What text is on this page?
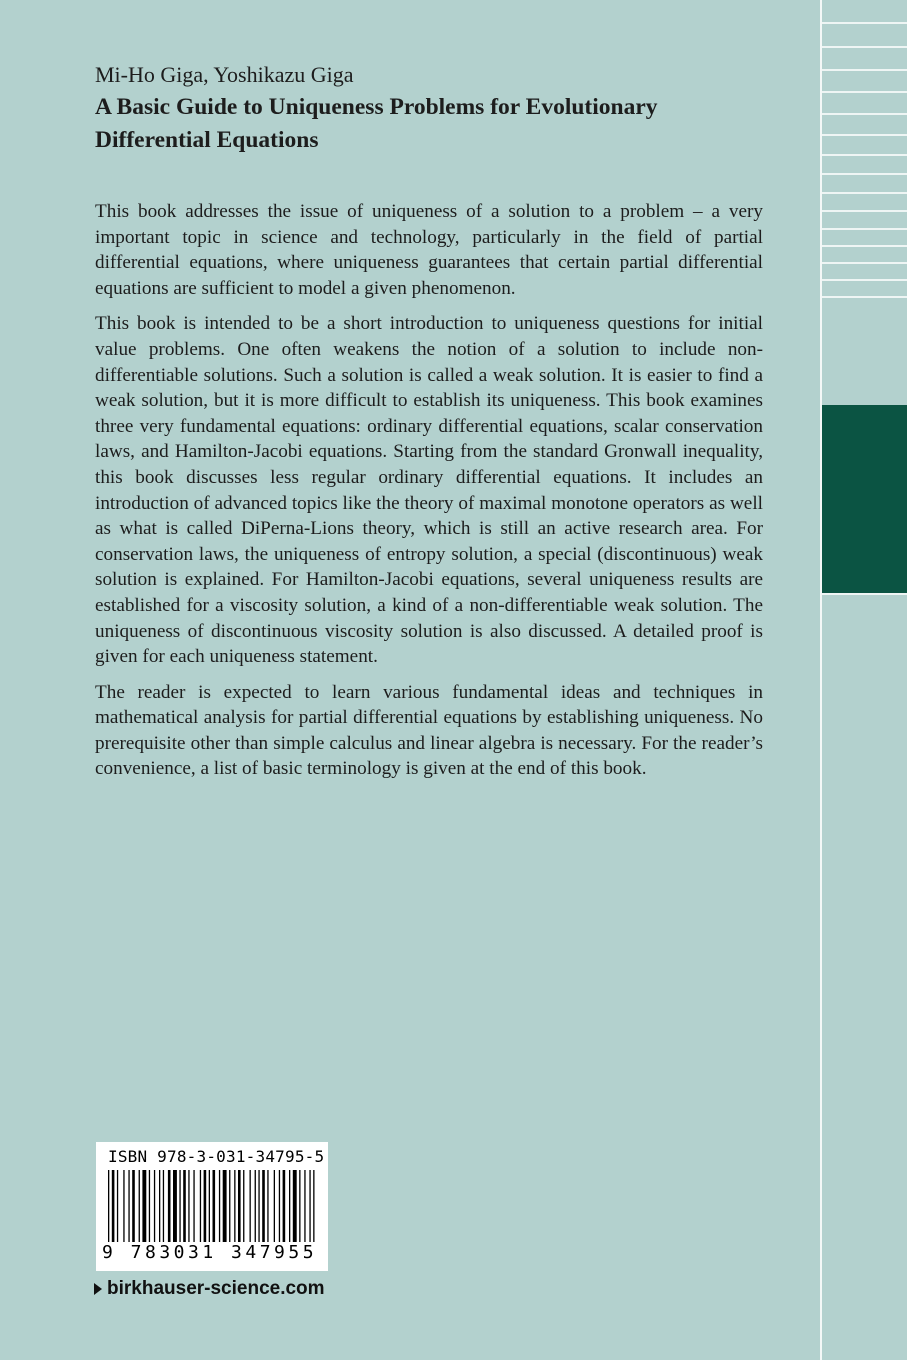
Mi-Ho Giga, Yoshikazu Giga
A Basic Guide to Uniqueness Problems for Evolutionary
Differential Equations

This book addresses the issue of uniqueness of a solution to a problem – a very important topic in science and technology, particularly in the field of partial differential equations, where uniqueness guarantees that certain partial differential equations are sufficient to model a given phenomenon.

This book is intended to be a short introduction to uniqueness questions for initial value problems. One often weakens the notion of a solution to include non-differentiable solutions. Such a solution is called a weak solution. It is easier to find a weak solution, but it is more difficult to establish its uniqueness. This book examines three very fundamental equations: ordinary differential equations, scalar conservation laws, and Hamilton-Jacobi equations. Starting from the standard Gronwall inequality, this book discusses less regular ordinary differential equations. It includes an introduction of advanced topics like the theory of maximal monotone operators as well as what is called DiPerna-Lions theory, which is still an active research area. For conservation laws, the uniqueness of entropy solution, a special (discontinuous) weak solution is explained. For Hamilton-Jacobi equations, several uniqueness results are established for a viscosity solution, a kind of a non-differentiable weak solution. The uniqueness of discontinuous viscosity solution is also discussed. A detailed proof is given for each uniqueness statement.

The reader is expected to learn various fundamental ideas and techniques in mathematical analysis for partial differential equations by establishing uniqueness. No prerequisite other than simple calculus and linear algebra is necessary. For the reader’s convenience, a list of basic terminology is given at the end of this book.

ISBN 978-3-031-34795-5
9 783031 347955
birkhauser-science.com
